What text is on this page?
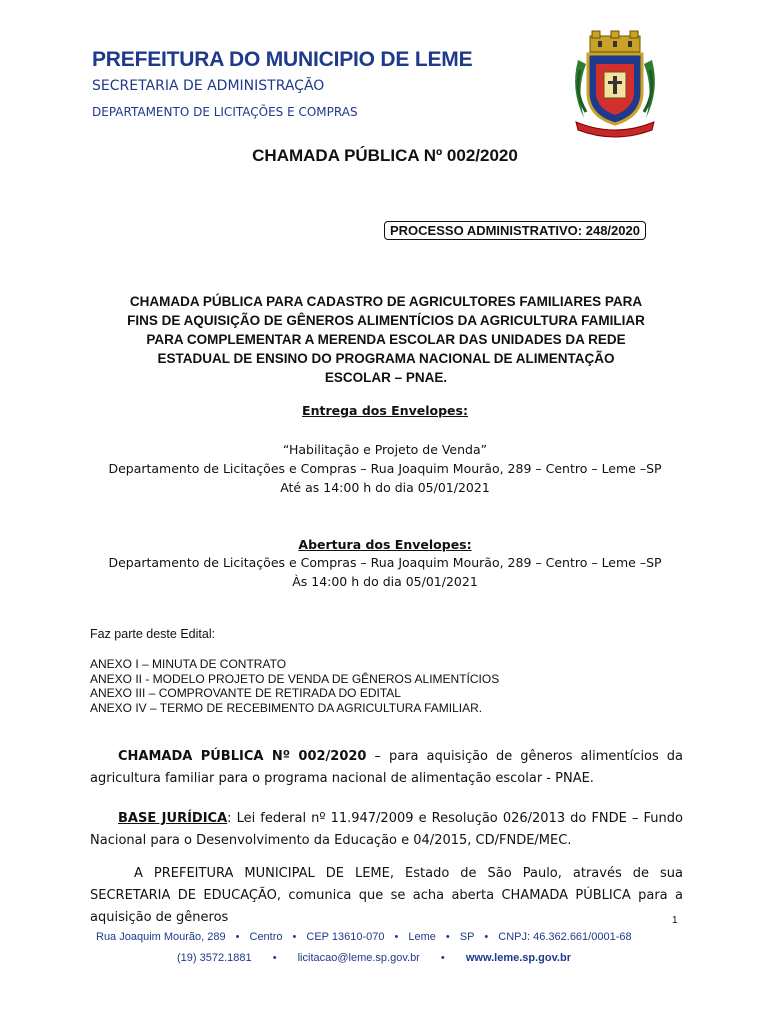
PREFEITURA DO MUNICIPIO DE LEME
SECRETARIA DE ADMINISTRAÇÃO
DEPARTAMENTO DE LICITAÇÕES E COMPRAS
CHAMADA PÚBLICA Nº 002/2020
PROCESSO ADMINISTRATIVO: 248/2020
CHAMADA PÚBLICA PARA CADASTRO DE AGRICULTORES FAMILIARES PARA
FINS DE AQUISIÇÃO DE GÊNEROS ALIMENTÍCIOS DA AGRICULTURA FAMILIAR
PARA COMPLEMENTAR A MERENDA ESCOLAR DAS UNIDADES DA REDE
ESTADUAL DE ENSINO DO PROGRAMA NACIONAL DE ALIMENTAÇÃO
ESCOLAR – PNAE.
Entrega dos Envelopes:
“Habilitação e Projeto de Venda”
Departamento de Licitações e Compras – Rua Joaquim Mourão, 289 – Centro – Leme –SP
Até as 14:00 h do dia 05/01/2021
Abertura dos Envelopes:
Departamento de Licitações e Compras – Rua Joaquim Mourão, 289 – Centro – Leme –SP
Às 14:00 h do dia 05/01/2021
Faz parte deste Edital:
ANEXO I – MINUTA DE CONTRATO
ANEXO II - MODELO PROJETO DE VENDA DE GÊNEROS ALIMENTÍCIOS
ANEXO III – COMPROVANTE DE RETIRADA DO EDITAL
ANEXO IV – TERMO DE RECEBIMENTO DA AGRICULTURA FAMILIAR.
CHAMADA PÚBLICA Nº 002/2020 – para aquisição de gêneros alimentícios da agricultura familiar para o programa nacional de alimentação escolar - PNAE.
BASE JURÍDICA: Lei federal nº 11.947/2009 e Resolução 026/2013 do FNDE – Fundo Nacional para o Desenvolvimento da Educação e 04/2015, CD/FNDE/MEC.
A PREFEITURA MUNICIPAL DE LEME, Estado de São Paulo, através de sua SECRETARIA DE EDUCAÇÃO, comunica que se acha aberta CHAMADA PÚBLICA para a aquisição de gêneros	1
Rua Joaquim Mourão, 289 • Centro • CEP 13610-070 • Leme • SP • CNPJ: 46.362.661/0001-68
(19) 3572.1881 • licitacao@leme.sp.gov.br • www.leme.sp.gov.br
